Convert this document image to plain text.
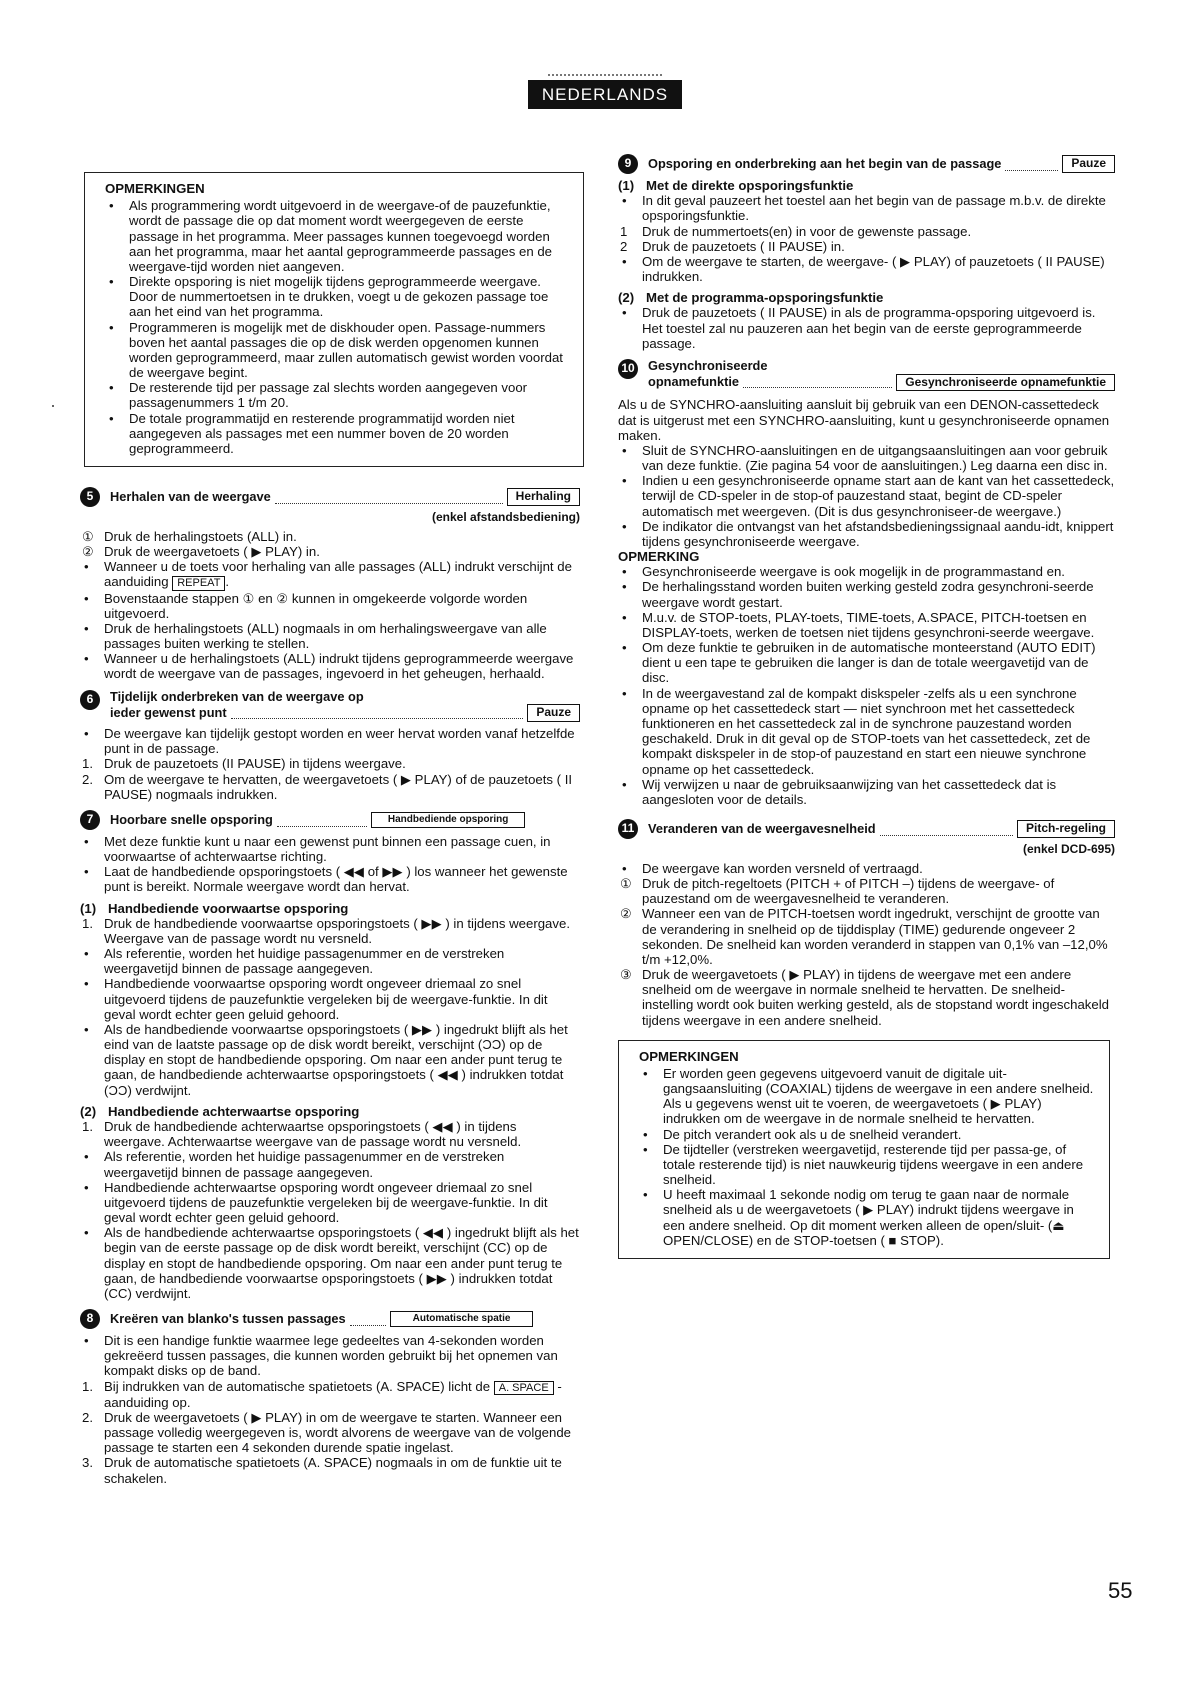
NEDERLANDS
OPMERKINGEN
• Als programmering wordt uitgevoerd in de weergave-of de pauzefunktie, wordt de passage die op dat moment wordt weergegeven de eerste passage in het programma. Meer passages kunnen toegevoegd worden aan het programma, maar het aantal geprogrammeerde passages en de weergave-tijd worden niet aangeven.
• Direkte opsporing is niet mogelijk tijdens geprogrammeerde weergave. Door de nummertoetsen in te drukken, voegt u de gekozen passage toe aan het eind van het programma.
• Programmeren is mogelijk met de diskhouder open. Passage-nummers boven het aantal passages die op de disk werden opgenomen kunnen worden geprogrammeerd, maar zullen automatisch gewist worden voordat de weergave begint.
• De resterende tijd per passage zal slechts worden aangegeven voor passagenummers 1 t/m 20.
• De totale programmatijd en resterende programmatijd worden niet aangegeven als passages met een nummer boven de 20 worden geprogrammeerd.
5	Herhalen van de weergave	Herhaling
(enkel afstandsbediening)
① Druk de herhalingstoets (ALL) in.
② Druk de weergavetoets ( ▶ PLAY) in.
• Wanneer u de toets voor herhaling van alle passages (ALL) indrukt verschijnt de aanduiding REPEAT .
• Bovenstaande stappen ① en ② kunnen in omgekeerde volgorde worden uitgevoerd.
• Druk de herhalingstoets (ALL) nogmaals in om herhalingsweergave van alle passages buiten werking te stellen.
• Wanneer u de herhalingstoets (ALL) indrukt tijdens geprogrammeerde weergave wordt de weergave van de passages, ingevoerd in het geheugen, herhaald.
6	Tijdelijk onderbreken van de weergave op
ieder gewenst punt	Pauze
• De weergave kan tijdelijk gestopt worden en weer hervat worden vanaf hetzelfde punt in de passage.
1. Druk de pauzetoets (II PAUSE) in tijdens weergave.
2. Om de weergave te hervatten, de weergavetoets ( ▶ PLAY) of de pauzetoets ( II PAUSE) nogmaals indrukken.
7	Hoorbare snelle opsporing	Handbediende opsporing
• Met deze funktie kunt u naar een gewenst punt binnen een passage cuen, in voorwaartse of achterwaartse richting.
• Laat de handbediende opsporingstoets ( ◀◀ of ▶▶ ) los wanneer het gewenste punt is bereikt. Normale weergave wordt dan hervat.
(1) Handbediende voorwaartse opsporing
1. Druk de handbediende voorwaartse opsporingstoets ( ▶▶ ) in tijdens weergave. Weergave van de passage wordt nu versneld.
• Als referentie, worden het huidige passagenummer en de verstreken weergavetijd binnen de passage aangegeven.
• Handbediende voorwaartse opsporing wordt ongeveer driemaal zo snel uitgevoerd tijdens de pauzefunktie vergeleken bij de weergave-funktie. In dit geval wordt echter geen geluid gehoord.
• Als de handbediende voorwaartse opsporingstoets ( ▶▶ ) ingedrukt blijft als het eind van de laatste passage op de disk wordt bereikt, verschijnt (ƆƆ) op de display en stopt de handbediende opsporing. Om naar een ander punt terug te gaan, de handbediende achterwaartse opsporingstoets ( ◀◀ ) indrukken totdat (ƆƆ) verdwijnt.
(2) Handbediende achterwaartse opsporing
1. Druk de handbediende achterwaartse opsporingstoets ( ◀◀ ) in tijdens weergave. Achterwaartse weergave van de passage wordt nu versneld.
• Als referentie, worden het huidige passagenummer en de verstreken weergavetijd binnen de passage aangegeven.
• Handbediende achterwaartse opsporing wordt ongeveer driemaal zo snel uitgevoerd tijdens de pauzefunktie vergeleken bij de weergave-funktie. In dit geval wordt echter geen geluid gehoord.
• Als de handbediende achterwaartse opsporingstoets ( ◀◀ ) ingedrukt blijft als het begin van de eerste passage op de disk wordt bereikt, verschijnt (CC) op de display en stopt de handbediende opsporing. Om naar een ander punt terug te gaan, de handbediende voorwaartse opsporingstoets ( ▶▶ ) indrukken totdat (CC) verdwijnt.
8	Kreëren van blanko's tussen passages	Automatische spatie
• Dit is een handige funktie waarmee lege gedeeltes van 4-sekonden worden gekreëerd tussen passages, die kunnen worden gebruikt bij het opnemen van kompakt disks op de band.
1. Bij indrukken van de automatische spatietoets (A. SPACE) licht de A. SPACE -aanduiding op.
2. Druk de weergavetoets ( ▶ PLAY) in om de weergave te starten. Wanneer een passage volledig weergegeven is, wordt alvorens de weergave van de volgende passage te starten een 4 sekonden durende spatie ingelast.
3. Druk de automatische spatietoets (A. SPACE) nogmaals in om de funktie uit te schakelen.
9	Opsporing en onderbreking aan het begin van de passage	Pauze
(1) Met de direkte opsporingsfunktie
• In dit geval pauzeert het toestel aan het begin van de passage m.b.v. de direkte opsporingsfunktie.
1 Druk de nummertoets(en) in voor de gewenste passage.
2 Druk de pauzetoets ( II PAUSE) in.
• Om de weergave te starten, de weergave- ( ▶ PLAY) of pauzetoets ( II PAUSE) indrukken.
(2) Met de programma-opsporingsfunktie
• Druk de pauzetoets ( II PAUSE) in als de programma-opsporing uitgevoerd is. Het toestel zal nu pauzeren aan het begin van de eerste geprogrammeerde passage.
10 Gesynchroniseerde
opnamefunktie	Gesynchroniseerde opnamefunktie

Als u de SYNCHRO-aansluiting aansluit bij gebruik van een DENON-cassettedeck dat is uitgerust met een SYNCHRO-aansluiting, kunt u gesynchroniseerde opnamen maken.

• Sluit de SYNCHRO-aansluitingen en de uitgangsaansluitingen aan voor gebruik van deze funktie. (Zie pagina 54 voor de aansluitingen.) Leg daarna een disc in.
• Indien u een gesynchroniseerde opname start aan de kant van het cassettedeck, terwijl de CD-speler in de stop-of pauzestand staat, begint de CD-speler automatisch met weergeven. (Dit is dus gesynchroniseer-de weergave.)
• De indikator die ontvangst van het afstandsbedieningssignaal aandu-idt, knippert tijdens gesynchroniseerde weergave.
OPMERKING
• Gesynchroniseerde weergave is ook mogelijk in de programmastand en.
• De herhalingsstand worden buiten werking gesteld zodra gesynchroni-seerde weergave wordt gestart.
• M.u.v. de STOP-toets, PLAY-toets, TIME-toets, A.SPACE, PITCH-toetsen en DISPLAY-toets, werken de toetsen niet tijdens gesynchroni-seerde weergave.
• Om deze funktie te gebruiken in de automatische monteerstand (AUTO EDIT) dient u een tape te gebruiken die langer is dan de totale weergavetijd van de disc.
• In de weergavestand zal de kompakt diskspeler -zelfs als u een synchrone opname op het cassettedeck start — niet synchroon met het cassettedeck funktioneren en het cassettedeck zal in de synchrone pauzestand worden geschakeld. Druk in dit geval op de STOP-toets van het cassettedeck, zet de kompakt diskspeler in de stop-of pauzestand en start een nieuwe synchrone opname op het cassettedeck.
• Wij verwijzen u naar de gebruiksaanwijzing van het cassettedeck dat is aangesloten voor de details.
11 Veranderen van de weergavesnelheid	Pitch-regeling
(enkel DCD-695)
• De weergave kan worden versneld of vertraagd.
① Druk de pitch-regeltoets (PITCH + of PITCH –) tijdens de weergave- of pauzestand om de weergavesnelheid te veranderen.
② Wanneer een van de PITCH-toetsen wordt ingedrukt, verschijnt de grootte van de verandering in snelheid op de tijddisplay (TIME) gedurende ongeveer 2 sekonden. De snelheid kan worden veranderd in stappen van 0,1% van –12,0% t/m +12,0%.
③ Druk de weergavetoets ( ▶ PLAY) in tijdens de weergave met een andere snelheid om de weergave in normale snelheid te hervatten. De snelheid-instelling wordt ook buiten werking gesteld, als de stopstand wordt ingeschakeld tijdens weergave in een andere snelheid.
OPMERKINGEN
• Er worden geen gegevens uitgevoerd vanuit de digitale uit-gangsaansluiting (COAXIAL) tijdens de weergave in een andere snelheid.
Als u gegevens wenst uit te voeren, de weergavetoets ( ▶ PLAY) indrukken om de weergave in de normale snelheid te hervatten.
• De pitch verandert ook als u de snelheid verandert.
• De tijdteller (verstreken weergavetijd, resterende tijd per passa-ge, of totale resterende tijd) is niet nauwkeurig tijdens weergave in een andere snelheid.
• U heeft maximaal 1 sekonde nodig om terug te gaan naar de normale snelheid als u de weergavetoets ( ▶ PLAY) indrukt tijdens weergave in een andere snelheid. Op dit moment werken alleen de open/sluit- (⏏ OPEN/CLOSE) en de STOP-toetsen ( ■ STOP).
55
